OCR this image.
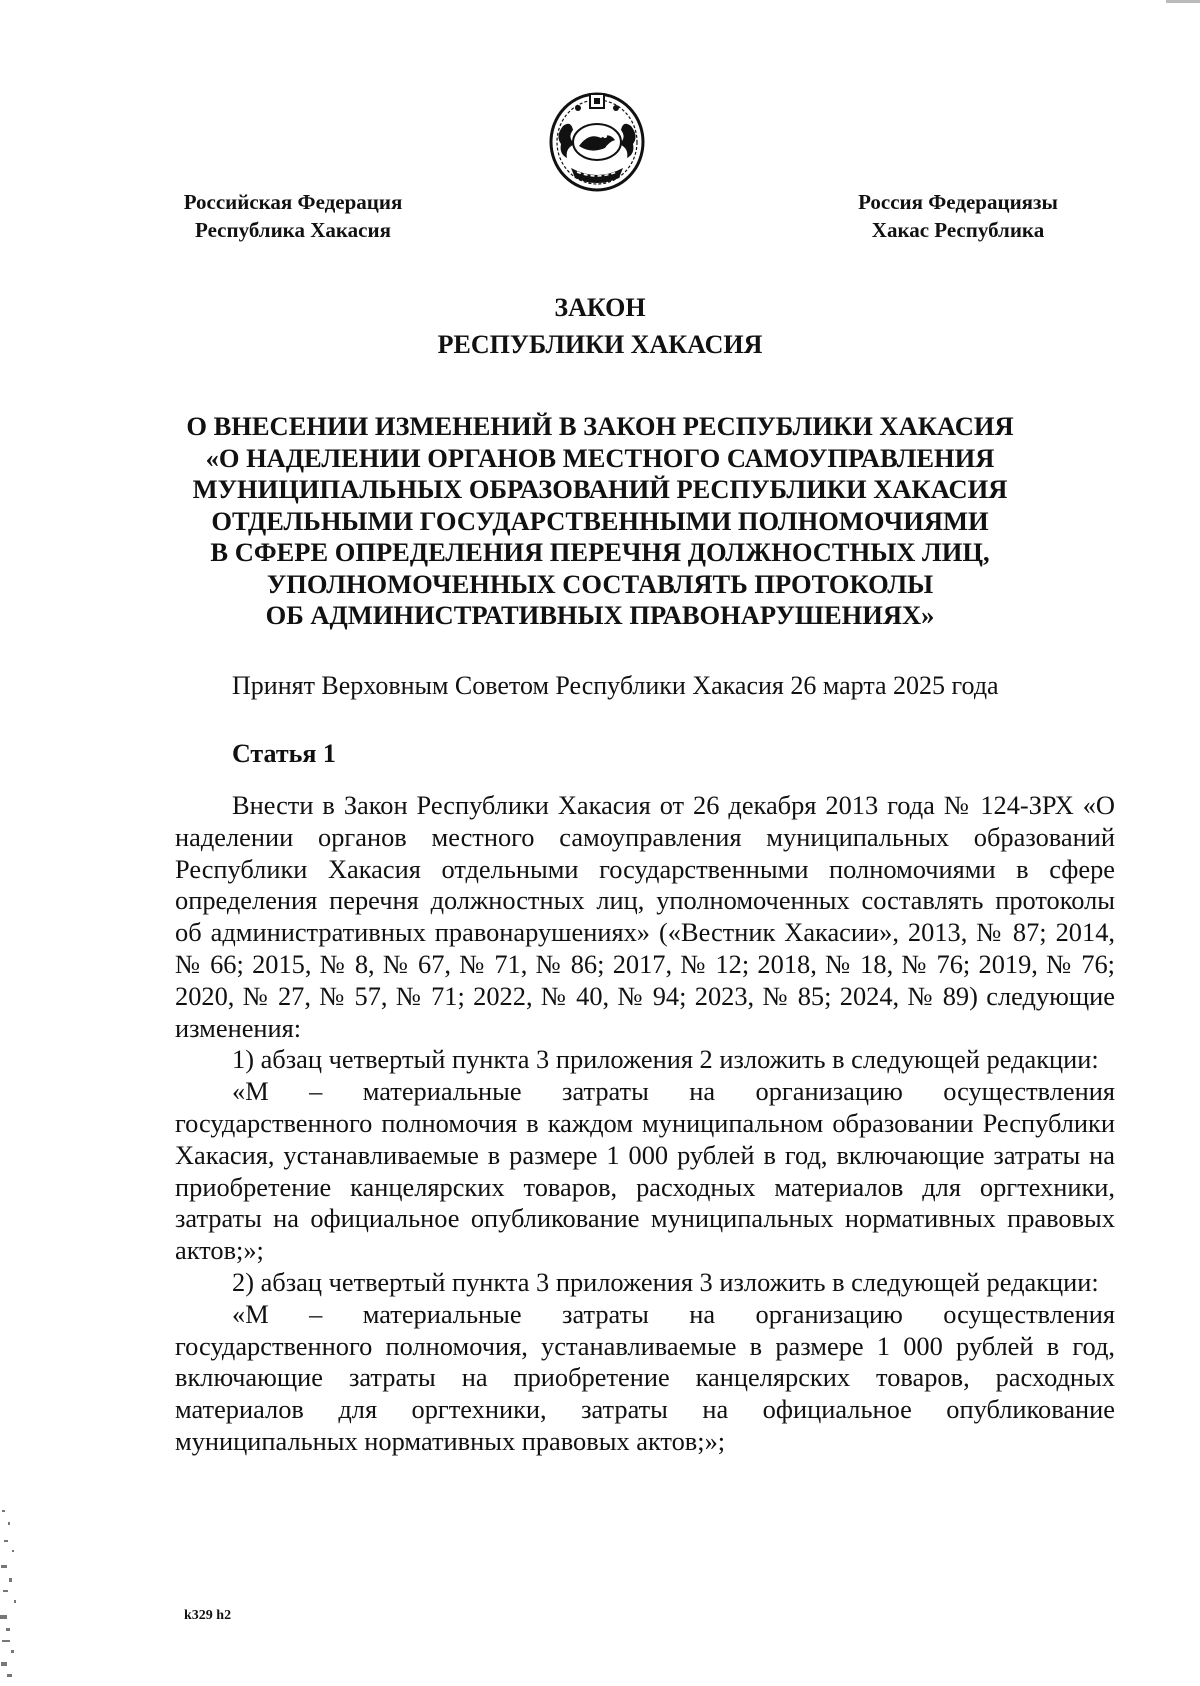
Российская Федерация
Республика Хакасия
Россия Федерациязы
Хакас Республика
ЗАКОН
РЕСПУБЛИКИ ХАКАСИЯ
О ВНЕСЕНИИ ИЗМЕНЕНИЙ В ЗАКОН РЕСПУБЛИКИ ХАКАСИЯ
«О НАДЕЛЕНИИ ОРГАНОВ МЕСТНОГО САМОУПРАВЛЕНИЯ
МУНИЦИПАЛЬНЫХ ОБРАЗОВАНИЙ РЕСПУБЛИКИ ХАКАСИЯ
ОТДЕЛЬНЫМИ ГОСУДАРСТВЕННЫМИ ПОЛНОМОЧИЯМИ
В СФЕРЕ ОПРЕДЕЛЕНИЯ ПЕРЕЧНЯ ДОЛЖНОСТНЫХ ЛИЦ,
УПОЛНОМОЧЕННЫХ СОСТАВЛЯТЬ ПРОТОКОЛЫ
ОБ АДМИНИСТРАТИВНЫХ ПРАВОНАРУШЕНИЯХ»
Принят Верховным Советом Республики Хакасия 26 марта 2025 года
Статья 1

Внести в Закон Республики Хакасия от 26 декабря 2013 года № 124-ЗРХ «О наделении органов местного самоуправления муниципальных образований Республики Хакасия отдельными государственными полномочиями в сфере определения перечня должностных лиц, уполномоченных составлять протоколы об административных правонарушениях» («Вестник Хакасии», 2013, № 87; 2014, № 66; 2015, № 8, № 67, № 71, № 86; 2017, № 12; 2018, № 18, № 76; 2019, № 76; 2020, № 27, № 57, № 71; 2022, № 40, № 94; 2023, № 85; 2024, № 89) следующие изменения:

1) абзац четвертый пункта 3 приложения 2 изложить в следующей редакции:

«М – материальные затраты на организацию осуществления государственного полномочия в каждом муниципальном образовании Республики Хакасия, устанавливаемые в размере 1 000 рублей в год, включающие затраты на приобретение канцелярских товаров, расходных материалов для оргтехники, затраты на официальное опубликование муниципальных нормативных правовых актов;»;

2) абзац четвертый пункта 3 приложения 3 изложить в следующей редакции:

«М – материальные затраты на организацию осуществления государственного полномочия, устанавливаемые в размере 1 000 рублей в год, включающие затраты на приобретение канцелярских товаров, расходных материалов для оргтехники, затраты на официальное опубликование муниципальных нормативных правовых актов;»;

k329 h2
